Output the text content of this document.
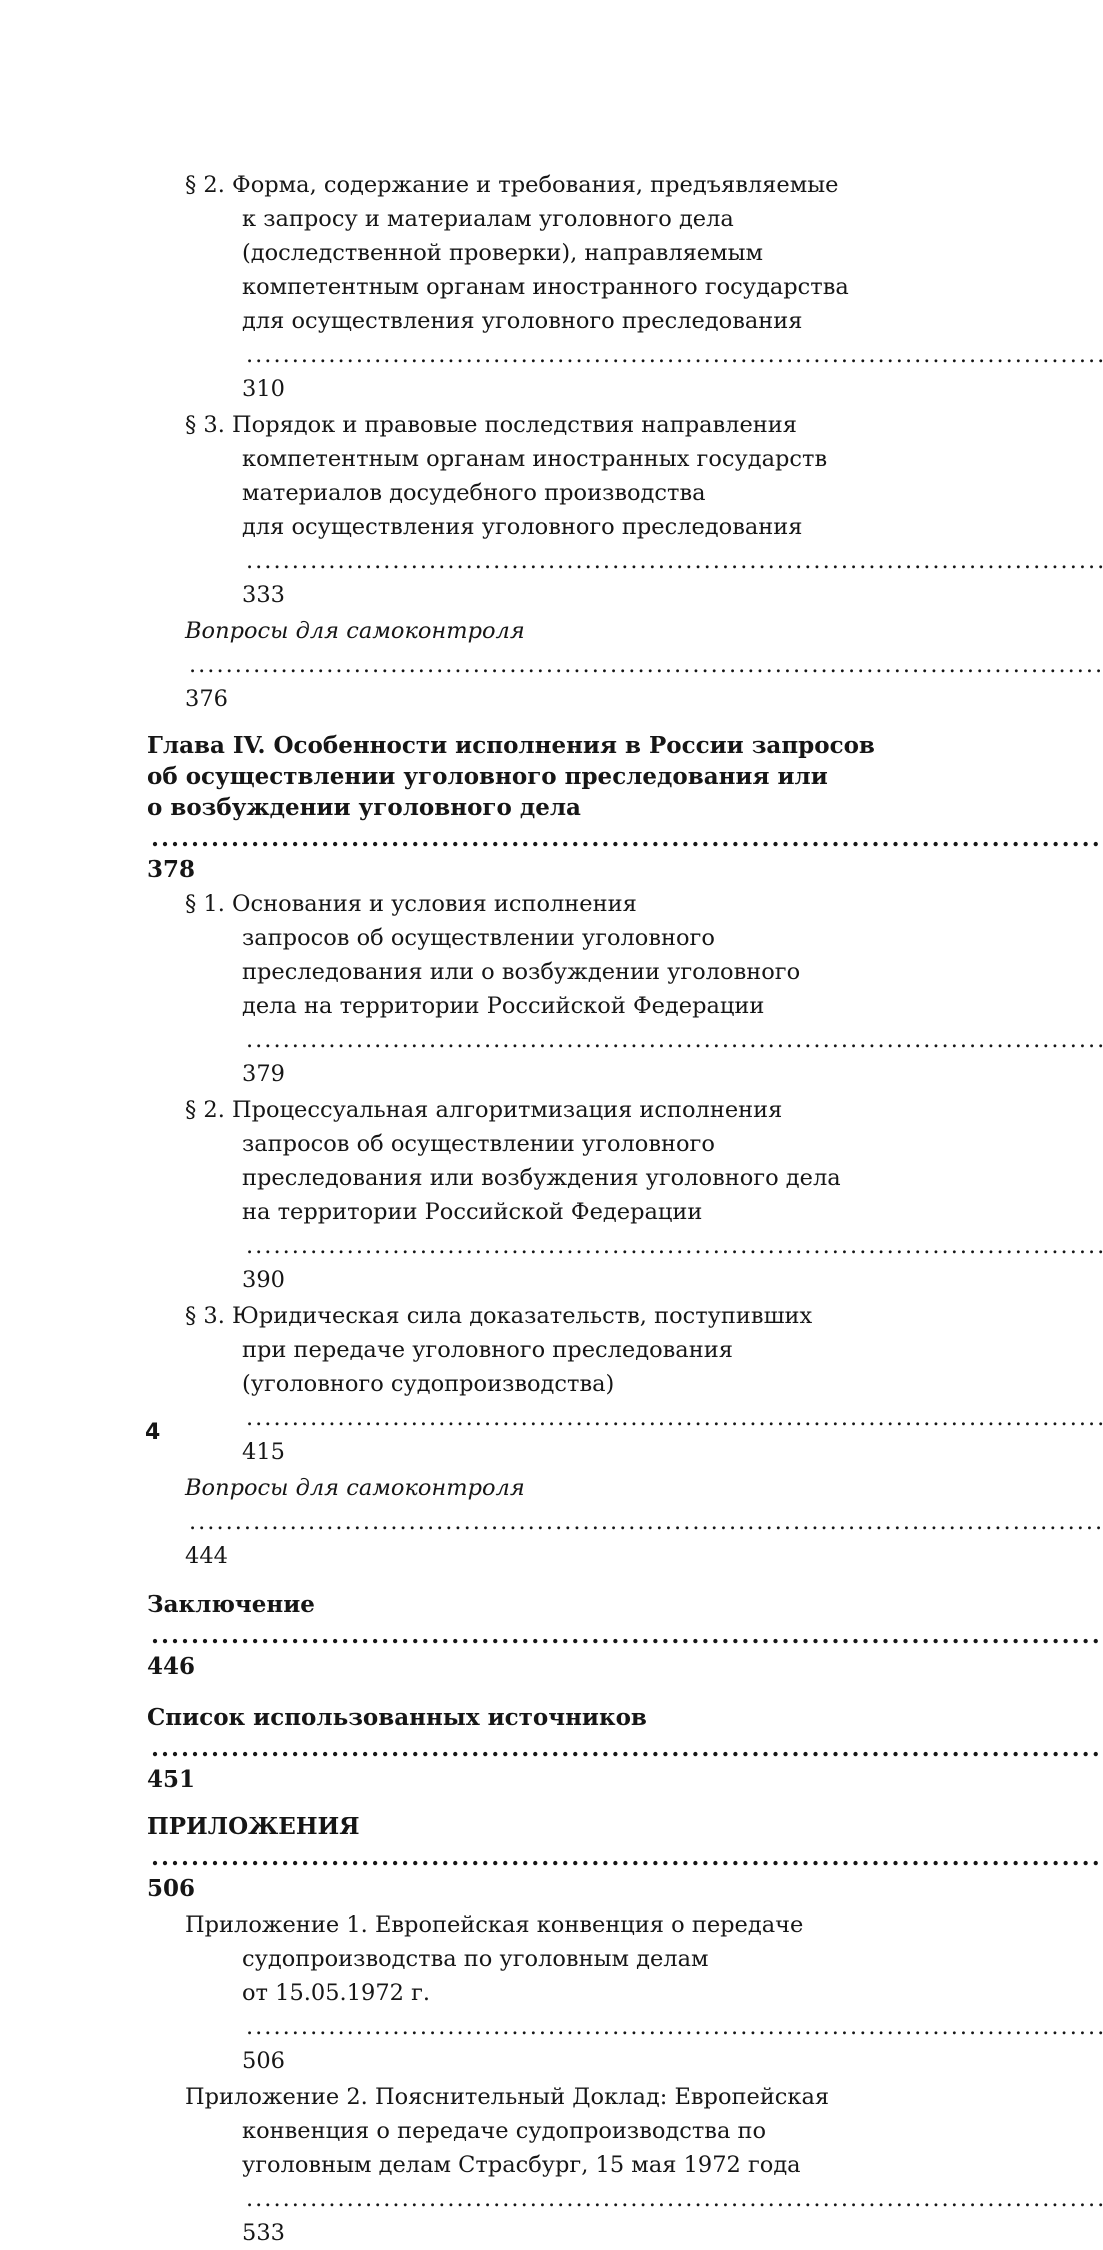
§ 2. Форма, содержание и требования, предъявляемые
к запросу и материалам уголовного дела
(доследственной проверки), направляемым
компетентным органам иностранного государства
для осуществления уголовного преследования ..... 310
§ 3. Порядок и правовые последствия направления
компетентным органам иностранных государств
материалов досудебного производства
для осуществления уголовного преследования ..... 333
Вопросы для самоконтроля ..... 376
Глава IV. Особенности исполнения в России запросов
об осуществлении уголовного преследования или
о возбуждении уголовного дела ..... 378
§ 1. Основания и условия исполнения
запросов об осуществлении уголовного
преследования или о возбуждении уголовного
дела на территории Российской Федерации ..... 379
§ 2. Процессуальная алгоритмизация исполнения
запросов об осуществлении уголовного
преследования или возбуждения уголовного дела
на территории Российской Федерации ..... 390
§ 3. Юридическая сила доказательств, поступивших
при передаче уголовного преследования
(уголовного судопроизводства) ..... 415
Вопросы для самоконтроля ..... 444
Заключение ..... 446
Список использованных источников ..... 451
ПРИЛОЖЕНИЯ ..... 506
Приложение 1. Европейская конвенция о передаче
судопроизводства по уголовным делам
от 15.05.1972 г. ..... 506
Приложение 2. Пояснительный Доклад: Европейская
конвенция о передаче судопроизводства по
уголовным делам Страсбург, 15 мая 1972 года ..... 533
4
